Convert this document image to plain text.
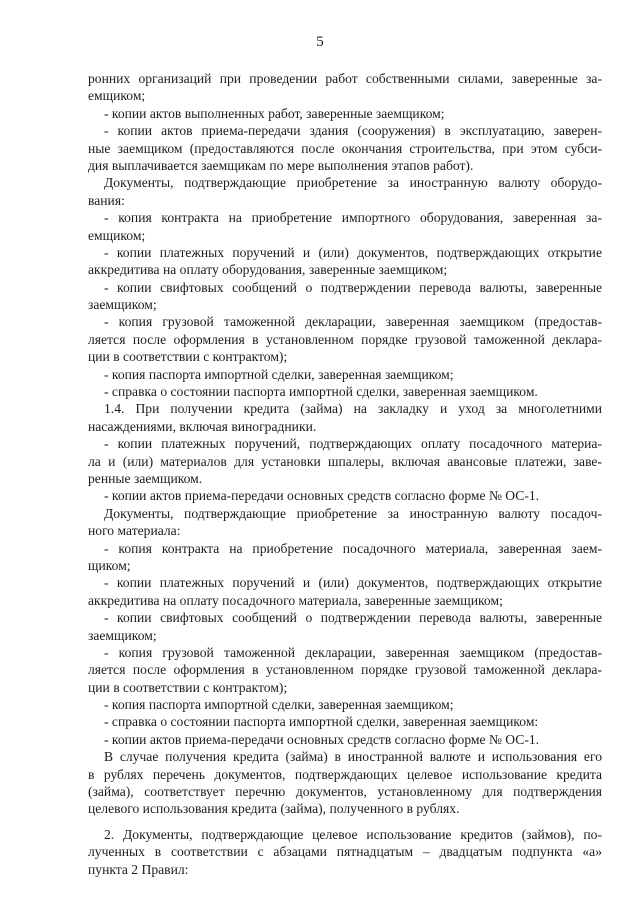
5
ронних организаций при проведении работ собственными силами, заверенные за-
емщиком;
- копии актов выполненных работ, заверенные заемщиком;
- копии актов приема-передачи здания (сооружения) в эксплуатацию, заверен-
ные заемщиком (предоставляются после окончания строительства, при этом субси-
дия выплачивается заемщикам по мере выполнения этапов работ).
Документы, подтверждающие приобретение за иностранную валюту оборудо-
вания:
- копия контракта на приобретение импортного оборудования, заверенная за-
емщиком;
- копии платежных поручений и (или) документов, подтверждающих открытие
аккредитива на оплату оборудования, заверенные заемщиком;
- копии свифтовых сообщений о подтверждении перевода валюты, заверенные
заемщиком;
- копия грузовой таможенной декларации, заверенная заемщиком (предостав-
ляется после оформления в установленном порядке грузовой таможенной деклара-
ции в соответствии с контрактом);
- копия паспорта импортной сделки, заверенная заемщиком;
- справка о состоянии паспорта импортной сделки, заверенная заемщиком.
1.4. При получении кредита (займа) на закладку и уход за многолетними
насаждениями, включая виноградники.
- копии платежных поручений, подтверждающих оплату посадочного материа-
ла и (или) материалов для установки шпалеры, включая авансовые платежи, заве-
ренные заемщиком.
- копии актов приема-передачи основных средств согласно форме № ОС-1.
Документы, подтверждающие приобретение за иностранную валюту посадоч-
ного материала:
- копия контракта на приобретение посадочного материала, заверенная заем-
щиком;
- копии платежных поручений и (или) документов, подтверждающих открытие
аккредитива на оплату посадочного материала, заверенные заемщиком;
- копии свифтовых сообщений о подтверждении перевода валюты, заверенные
заемщиком;
- копия грузовой таможенной декларации, заверенная заемщиком (предостав-
ляется после оформления в установленном порядке грузовой таможенной деклара-
ции в соответствии с контрактом);
- копия паспорта импортной сделки, заверенная заемщиком;
- справка о состоянии паспорта импортной сделки, заверенная заемщиком:
- копии актов приема-передачи основных средств согласно форме № ОС-1.
В случае получения кредита (займа) в иностранной валюте и использования его
в рублях перечень документов, подтверждающих целевое использование кредита
(займа), соответствует перечню документов, установленному для подтверждения
целевого использования кредита (займа), полученного в рублях.
2. Документы, подтверждающие целевое использование кредитов (займов), по-
лученных в соответствии с абзацами пятнадцатым – двадцатым подпункта «а»
пункта 2 Правил:
